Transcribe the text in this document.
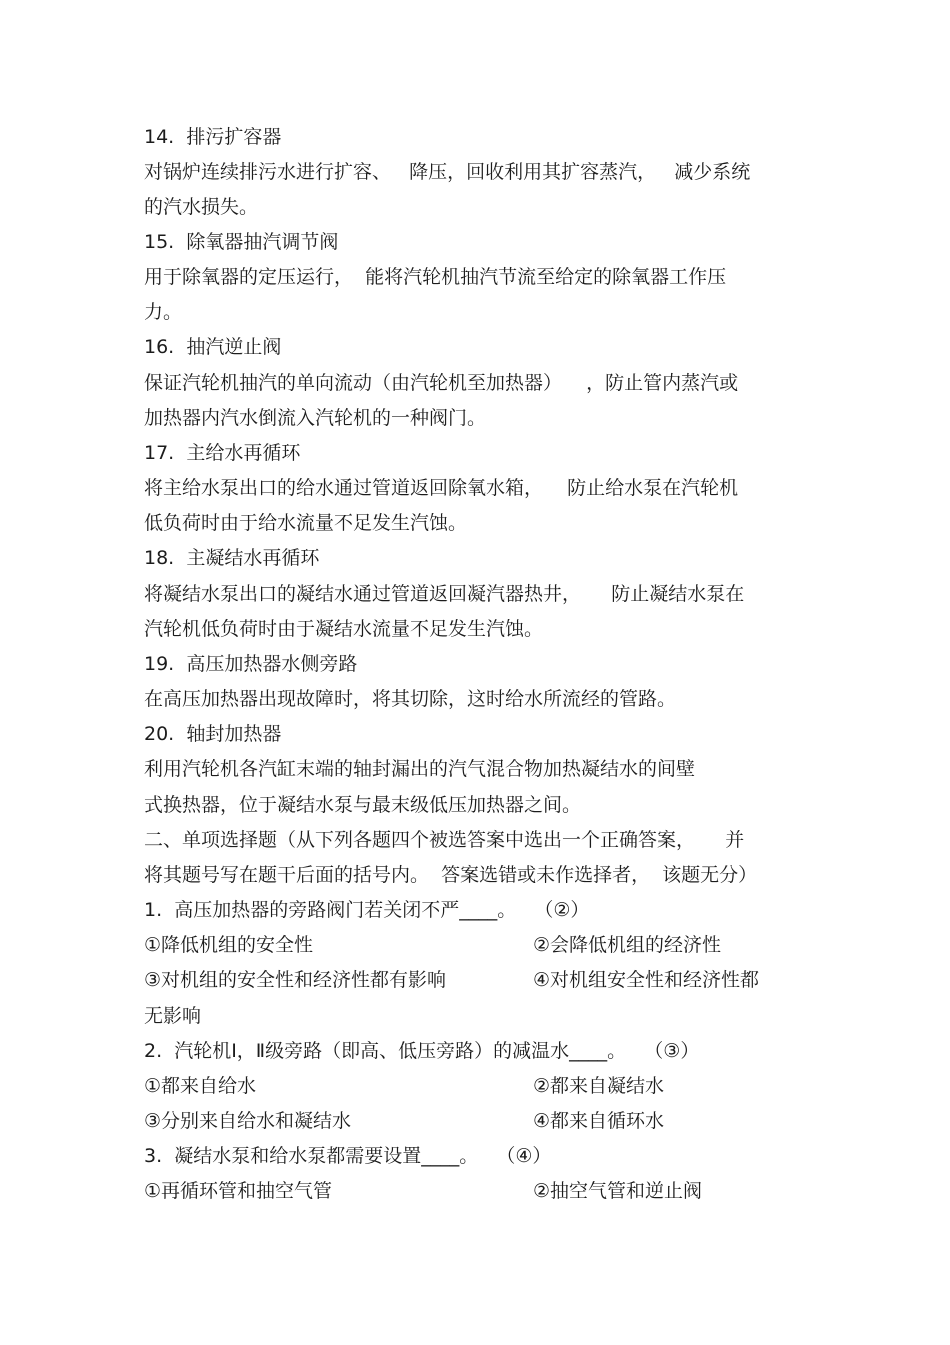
14. 排污扩容器
对锅炉连续排污水进行扩容、   降压，回收利用其扩容蒸汽，   减少系统
的汽水损失。
15. 除氧器抽汽调节阀
用于除氧器的定压运行，  能将汽轮机抽汽节流至给定的除氧器工作压
力。
16. 抽汽逆止阀
保证汽轮机抽汽的单向流动（由汽轮机至加热器）    ，防止管内蒸汽或
加热器内汽水倒流入汽轮机的一种阀门。
17. 主给水再循环
将主给水泵出口的给水通过管道返回除氧水箱，    防止给水泵在汽轮机
低负荷时由于给水流量不足发生汽蚀。
18. 主凝结水再循环
将凝结水泵出口的凝结水通过管道返回凝汽器热井，     防止凝结水泵在
汽轮机低负荷时由于凝结水流量不足发生汽蚀。
19. 高压加热器水侧旁路
在高压加热器出现故障时，将其切除，这时给水所流经的管路。
20. 轴封加热器
利用汽轮机各汽缸末端的轴封漏出的汽气混合物加热凝结水的间壁
式换热器，位于凝结水泵与最末级低压加热器之间。
二、单项选择题（从下列各题四个被选答案中选出一个正确答案，     并
将其题号写在题干后面的括号内。  答案选错或未作选择者，  该题无分）
1.  高压加热器的旁路阀门若关闭不严____。   （②）
①降低机组的安全性	②会降低机组的经济性
③对机组的安全性和经济性都有影响	④对机组安全性和经济性都
无影响
2.  汽轮机Ⅰ，Ⅱ级旁路（即高、低压旁路）的减温水____。   （③）
①都来自给水	②都来自凝结水
③分别来自给水和凝结水	④都来自循环水
3.  凝结水泵和给水泵都需要设置____。   （④）
①再循环管和抽空气管	②抽空气管和逆止阀
